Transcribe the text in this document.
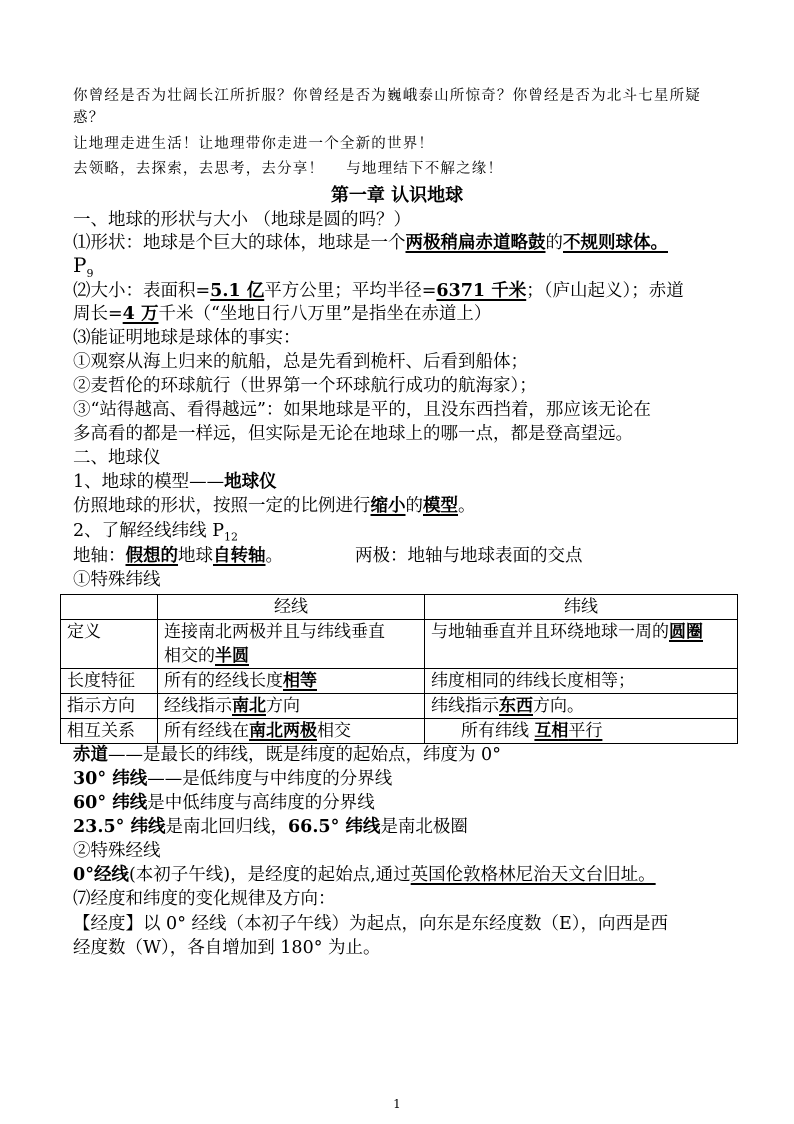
你曾经是否为壮阔长江所折服？你曾经是否为巍峨泰山所惊奇？你曾经是否为北斗七星所疑
惑？
让地理走进生活！让地理带你走进一个全新的世界！
去领略，去探索，去思考，去分享！ 与地理结下不解之缘！
第一章 认识地球
一、地球的形状与大小 （地球是圆的吗？）
⑴形状：地球是个巨大的球体，地球是一个两极稍扁赤道略鼓的不规则球体。
$P_9$
⑵大小：表面积=5.1 亿平方公里；平均半径=6371 千米；（庐山起义）；赤道
周长=4 万千米（“坐地日行八万里”是指坐在赤道上）
⑶能证明地球是球体的事实：
①观察从海上归来的航船，总是先看到桅杆、后看到船体；
②麦哲伦的环球航行（世界第一个环球航行成功的航海家）；
③“站得越高、看得越远”：如果地球是平的，且没东西挡着，那应该无论在
多高看的都是一样远，但实际是无论在地球上的哪一点，都是登高望远。
二、地球仪
1、地球的模型——地球仪
仿照地球的形状，按照一定的比例进行缩小的模型。
2、了解经线纬线 $P_{12}$
地轴：假想的地球自转轴。	两极：地轴与地球表面的交点
①特殊纬线
	经线	纬线
定义	连接南北两极并且与纬线垂直
相交的半圆	与地轴垂直并且环绕地球一周的圆圈
长度特征	所有的经线长度相等	纬度相同的纬线长度相等；
指示方向	经线指示南北方向	纬线指示东西方向。
相互关系	所有经线在南北两极相交	所有纬线 互相平行
赤道——是最长的纬线，既是纬度的起始点，纬度为 0°
30° 纬线——是低纬度与中纬度的分界线
60° 纬线是中低纬度与高纬度的分界线
23.5° 纬线是南北回归线，66.5° 纬线是南北极圈
②特殊经线
0°经线(本初子午线)，是经度的起始点,通过英国伦敦格林尼治天文台旧址。
⑺经度和纬度的变化规律及方向：
【经度】以 0° 经线（本初子午线）为起点，向东是东经度数（E），向西是西
经度数（W），各自增加到 180° 为止。
1
